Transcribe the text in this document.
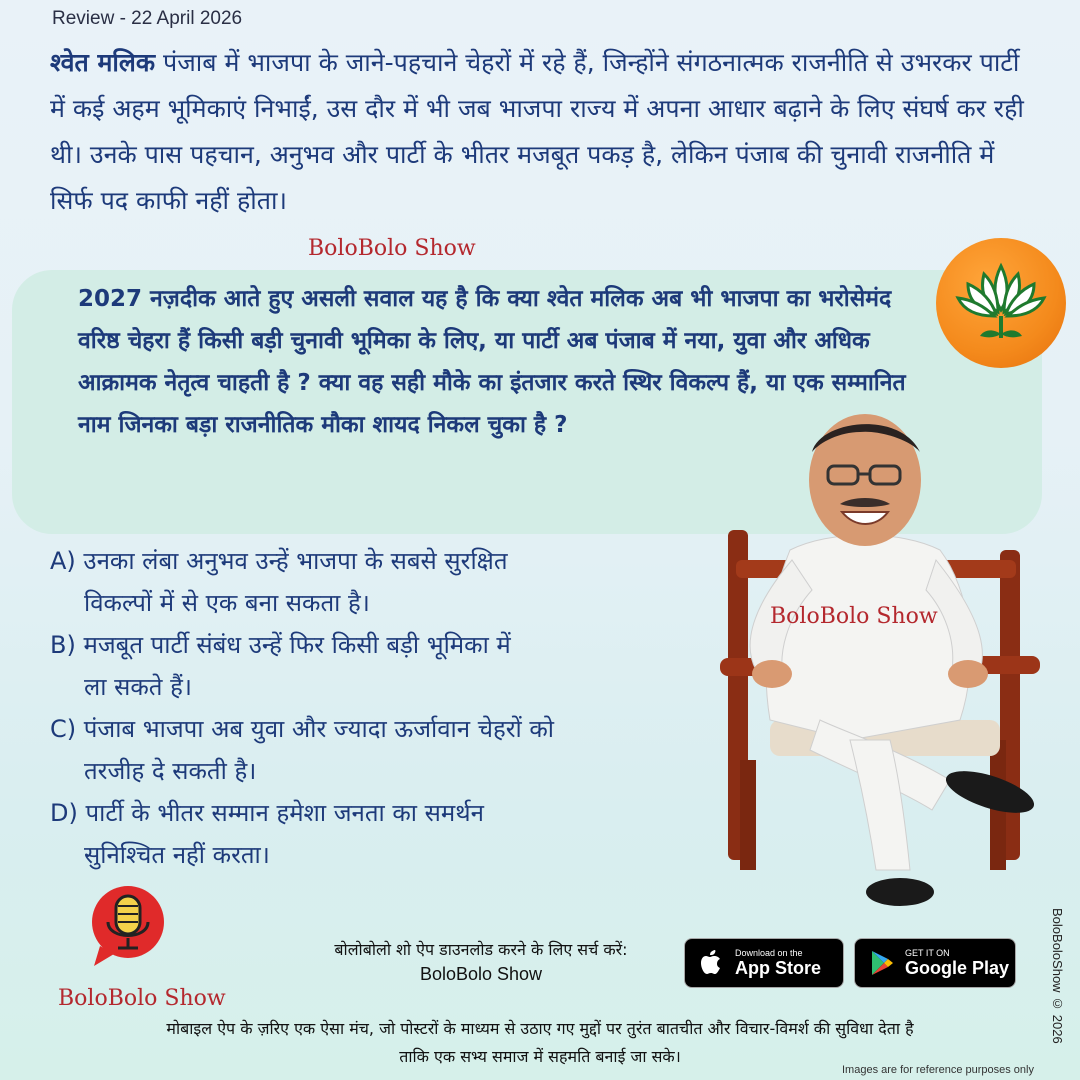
Review - 22 April 2026
श्वेत मलिक पंजाब में भाजपा के जाने-पहचाने चेहरों में रहे हैं, जिन्होंने संगठनात्मक राजनीति से उभरकर पार्टी में कई अहम भूमिकाएं निभाईं, उस दौर में भी जब भाजपा राज्य में अपना आधार बढ़ाने के लिए संघर्ष कर रही थी। उनके पास पहचान, अनुभव और पार्टी के भीतर मजबूत पकड़ है, लेकिन पंजाब की चुनावी राजनीति में सिर्फ पद काफी नहीं होता।
BoloBolo Show
2027 नज़दीक आते हुए असली सवाल यह है कि क्या श्वेत मलिक अब भी भाजपा का भरोसेमंद वरिष्ठ चेहरा हैं किसी बड़ी चुनावी भूमिका के लिए, या पार्टी अब पंजाब में नया, युवा और अधिक आक्रामक नेतृत्व चाहती है ? क्या वह सही मौके का इंतजार करते स्थिर विकल्प हैं, या एक सम्मानित नाम जिनका बड़ा राजनीतिक मौका शायद निकल चुका है ?
A) उनका लंबा अनुभव उन्हें भाजपा के सबसे सुरक्षित
विकल्पों में से एक बना सकता है।
B) मजबूत पार्टी संबंध उन्हें फिर किसी बड़ी भूमिका में
ला सकते हैं।
C) पंजाब भाजपा अब युवा और ज्यादा ऊर्जावान चेहरों को
तरजीह दे सकती है।
D) पार्टी के भीतर सम्मान हमेशा जनता का समर्थन
सुनिश्चित नहीं करता।
BoloBolo Show
BoloBolo Show
बोलोबोलो शो ऐप डाउनलोड करने के लिए सर्च करें:
BoloBolo Show
Download on the
App Store
GET IT ON
Google Play
मोबाइल ऐप के ज़रिए एक ऐसा मंच, जो पोस्टरों के माध्यम से उठाए गए मुद्दों पर तुरंत बातचीत और विचार-विमर्श की सुविधा देता है
ताकि एक सभ्य समाज में सहमति बनाई जा सके।
Images are for reference purposes only
BoloBoloShow © 2026
